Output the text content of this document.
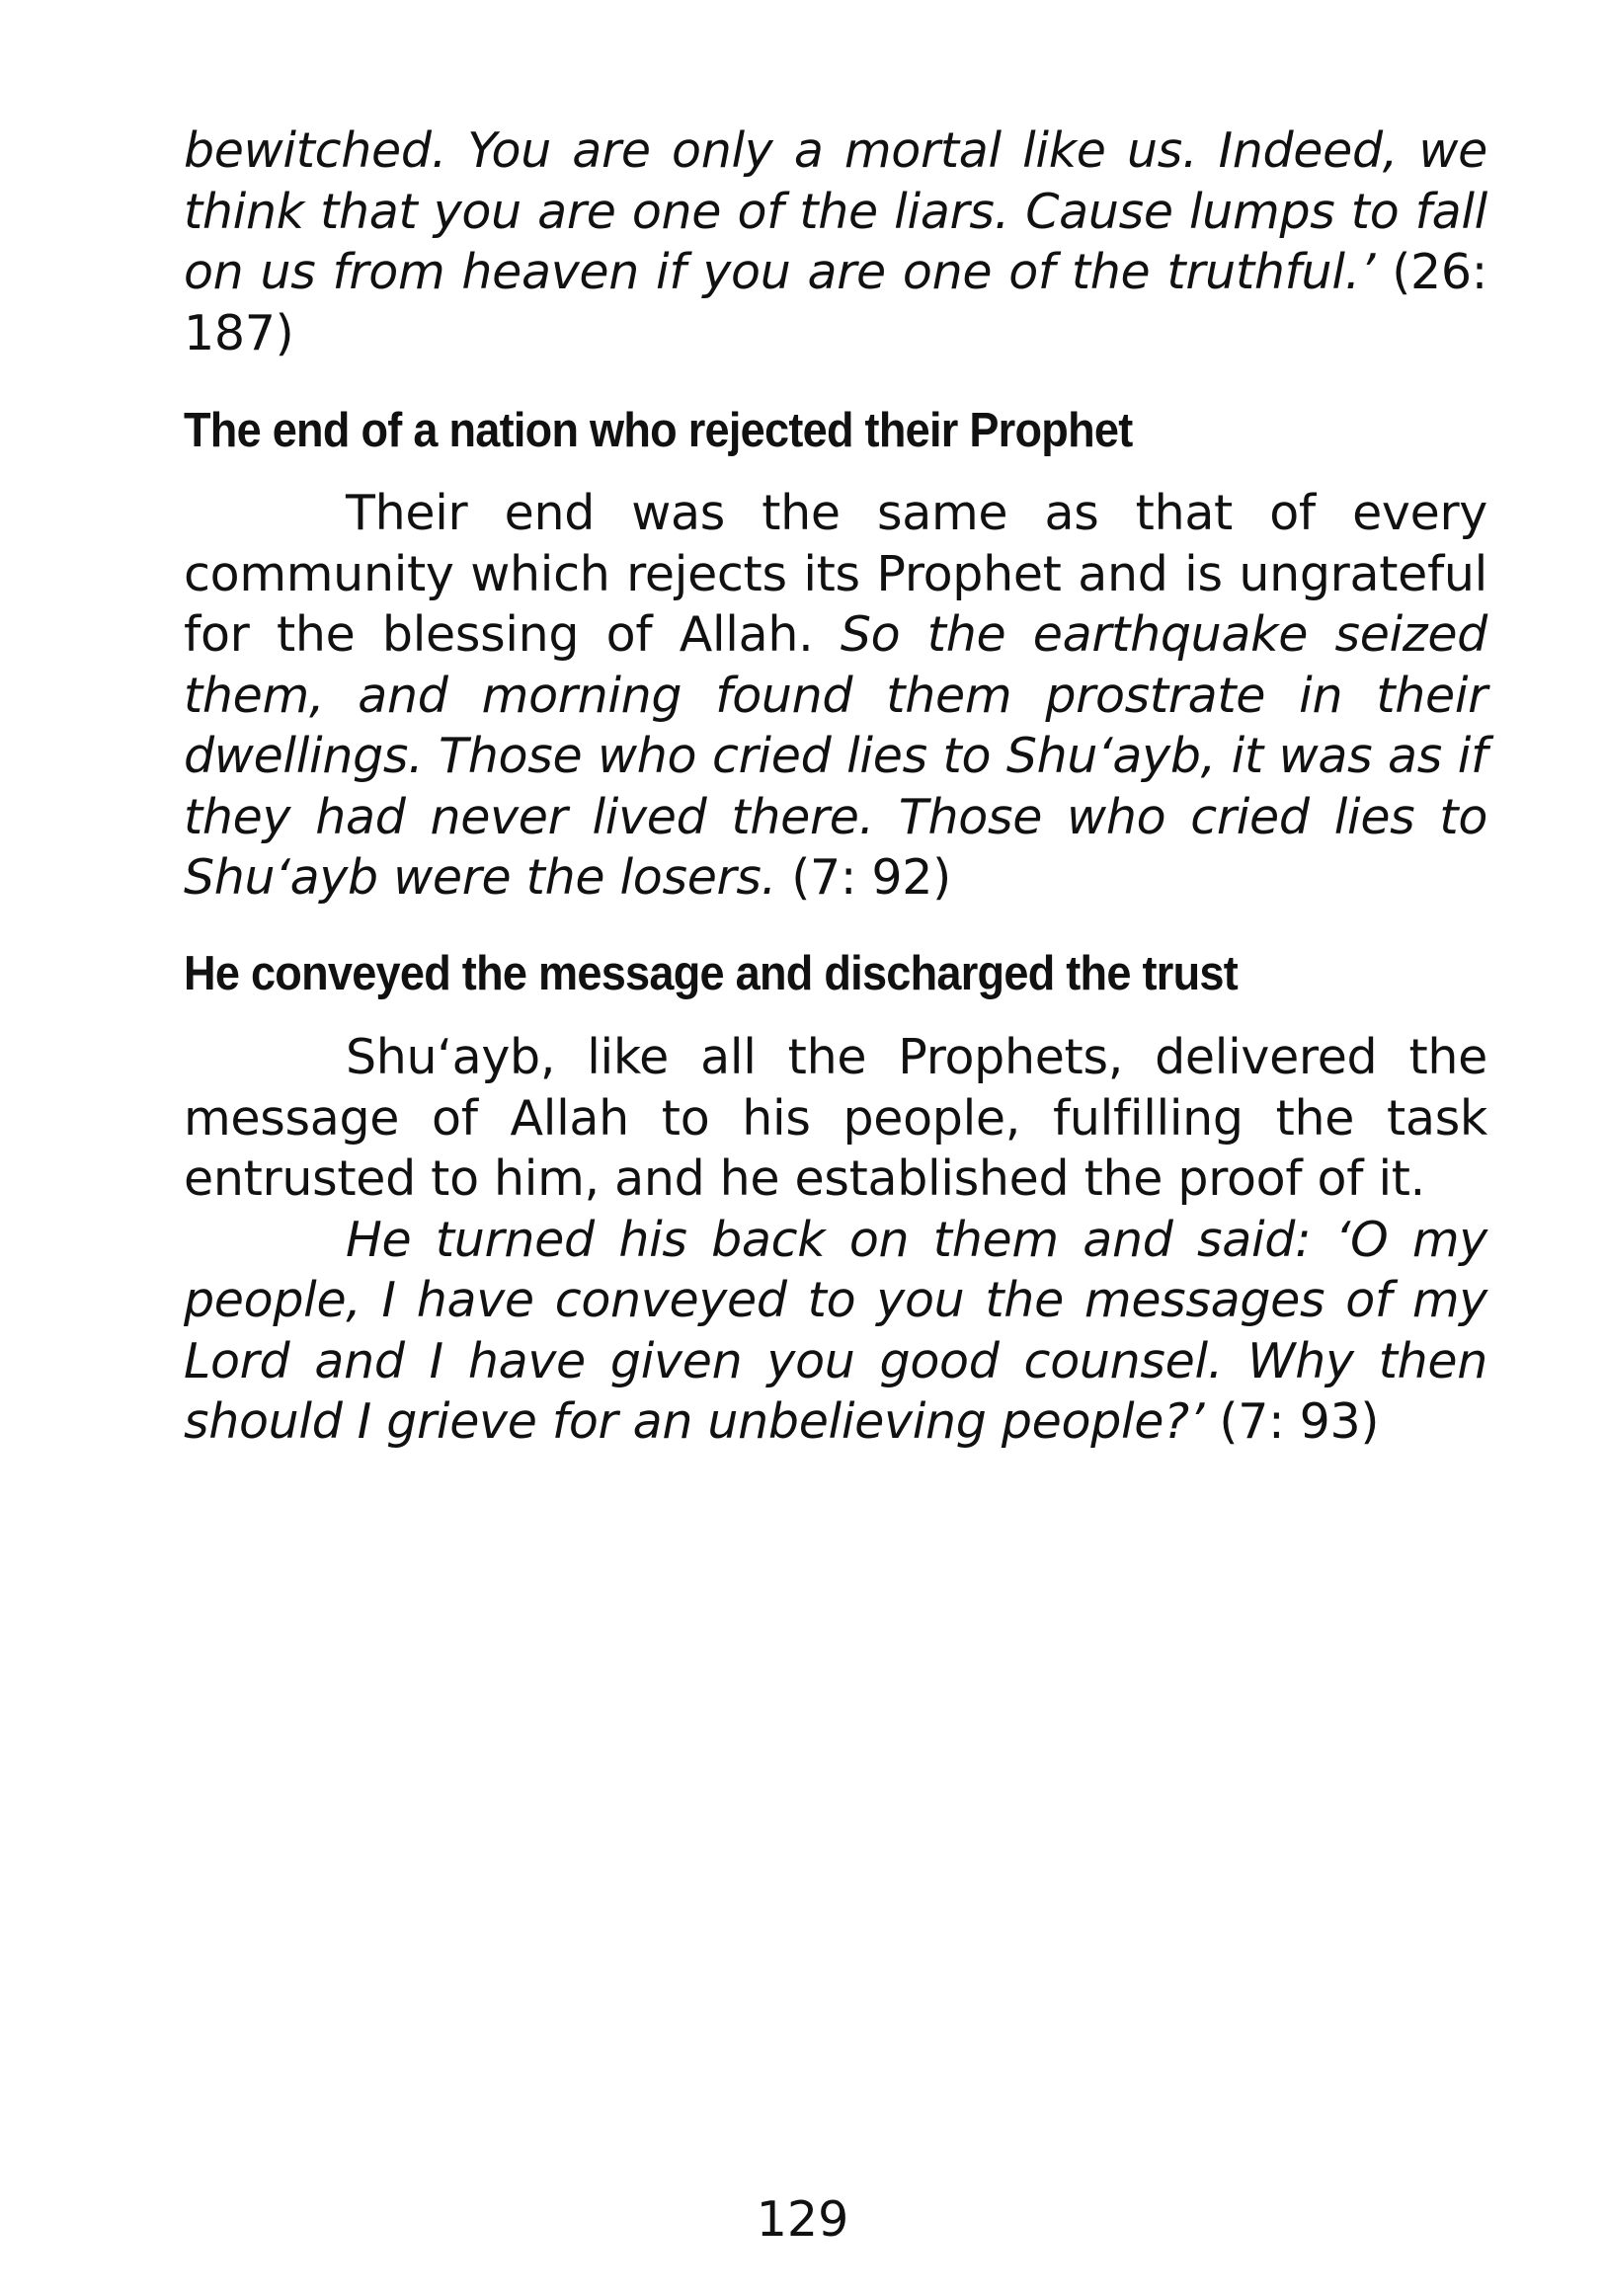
bewitched. You are only a mortal like us. Indeed, we think that you are one of the liars. Cause lumps to fall on us from heaven if you are one of the truthful.’ (26: 187)

The end of a nation who rejected their Prophet

Their end was the same as that of every community which rejects its Prophet and is ungrateful for the blessing of Allah. So the earthquake seized them, and morning found them prostrate in their dwellings. Those who cried lies to Shu‘ayb, it was as if they had never lived there. Those who cried lies to Shu‘ayb were the losers. (7: 92)

He conveyed the message and discharged the trust

Shu‘ayb, like all the Prophets, delivered the message of Allah to his people, fulfilling the task entrusted to him, and he established the proof of it.

He turned his back on them and said: ‘O my people, I have conveyed to you the messages of my Lord and I have given you good counsel. Why then should I grieve for an unbelieving people?’ (7: 93)

129
